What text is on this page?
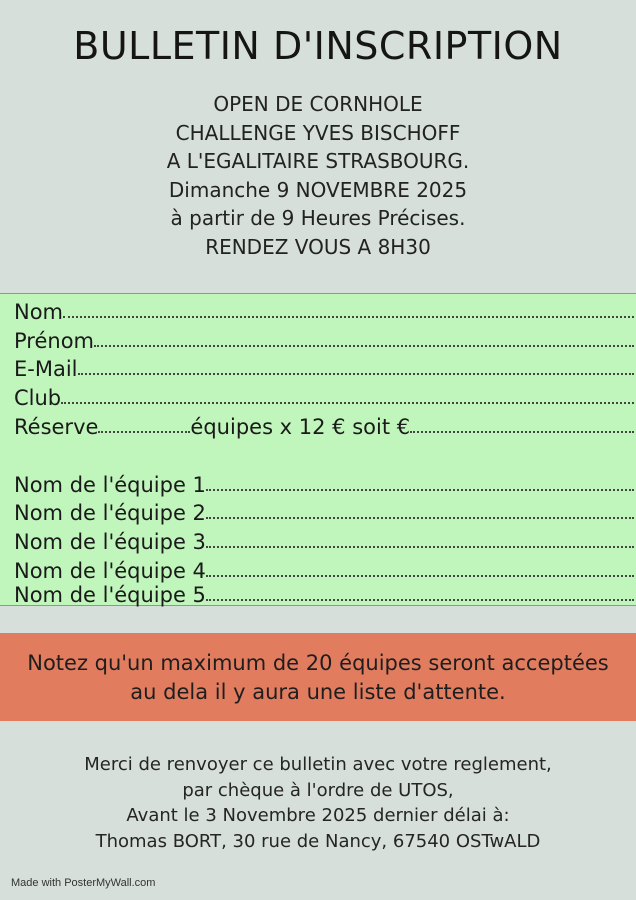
BULLETIN D'INSCRIPTION
OPEN DE CORNHOLE
CHALLENGE YVES BISCHOFF
A L'EGALITAIRE STRASBOURG.
Dimanche 9 NOVEMBRE 2025
à partir de 9 Heures Précises.
RENDEZ VOUS A 8H30
Nom
Prénom
E-Mail
Club
Réserve	équipes x 12 € soit €
Nom de l'équipe 1
Nom de l'équipe 2
Nom de l'équipe 3
Nom de l'équipe 4
Nom de l'équipe 5
Notez qu'un maximum de 20 équipes seront acceptées
au dela il y aura une liste d'attente.
Merci de renvoyer ce bulletin avec votre reglement,
par chèque à l'ordre de UTOS,
Avant le 3 Novembre 2025 dernier délai à:
Thomas BORT, 30 rue de Nancy, 67540 OSTwALD
Made with PosterMyWall.com
